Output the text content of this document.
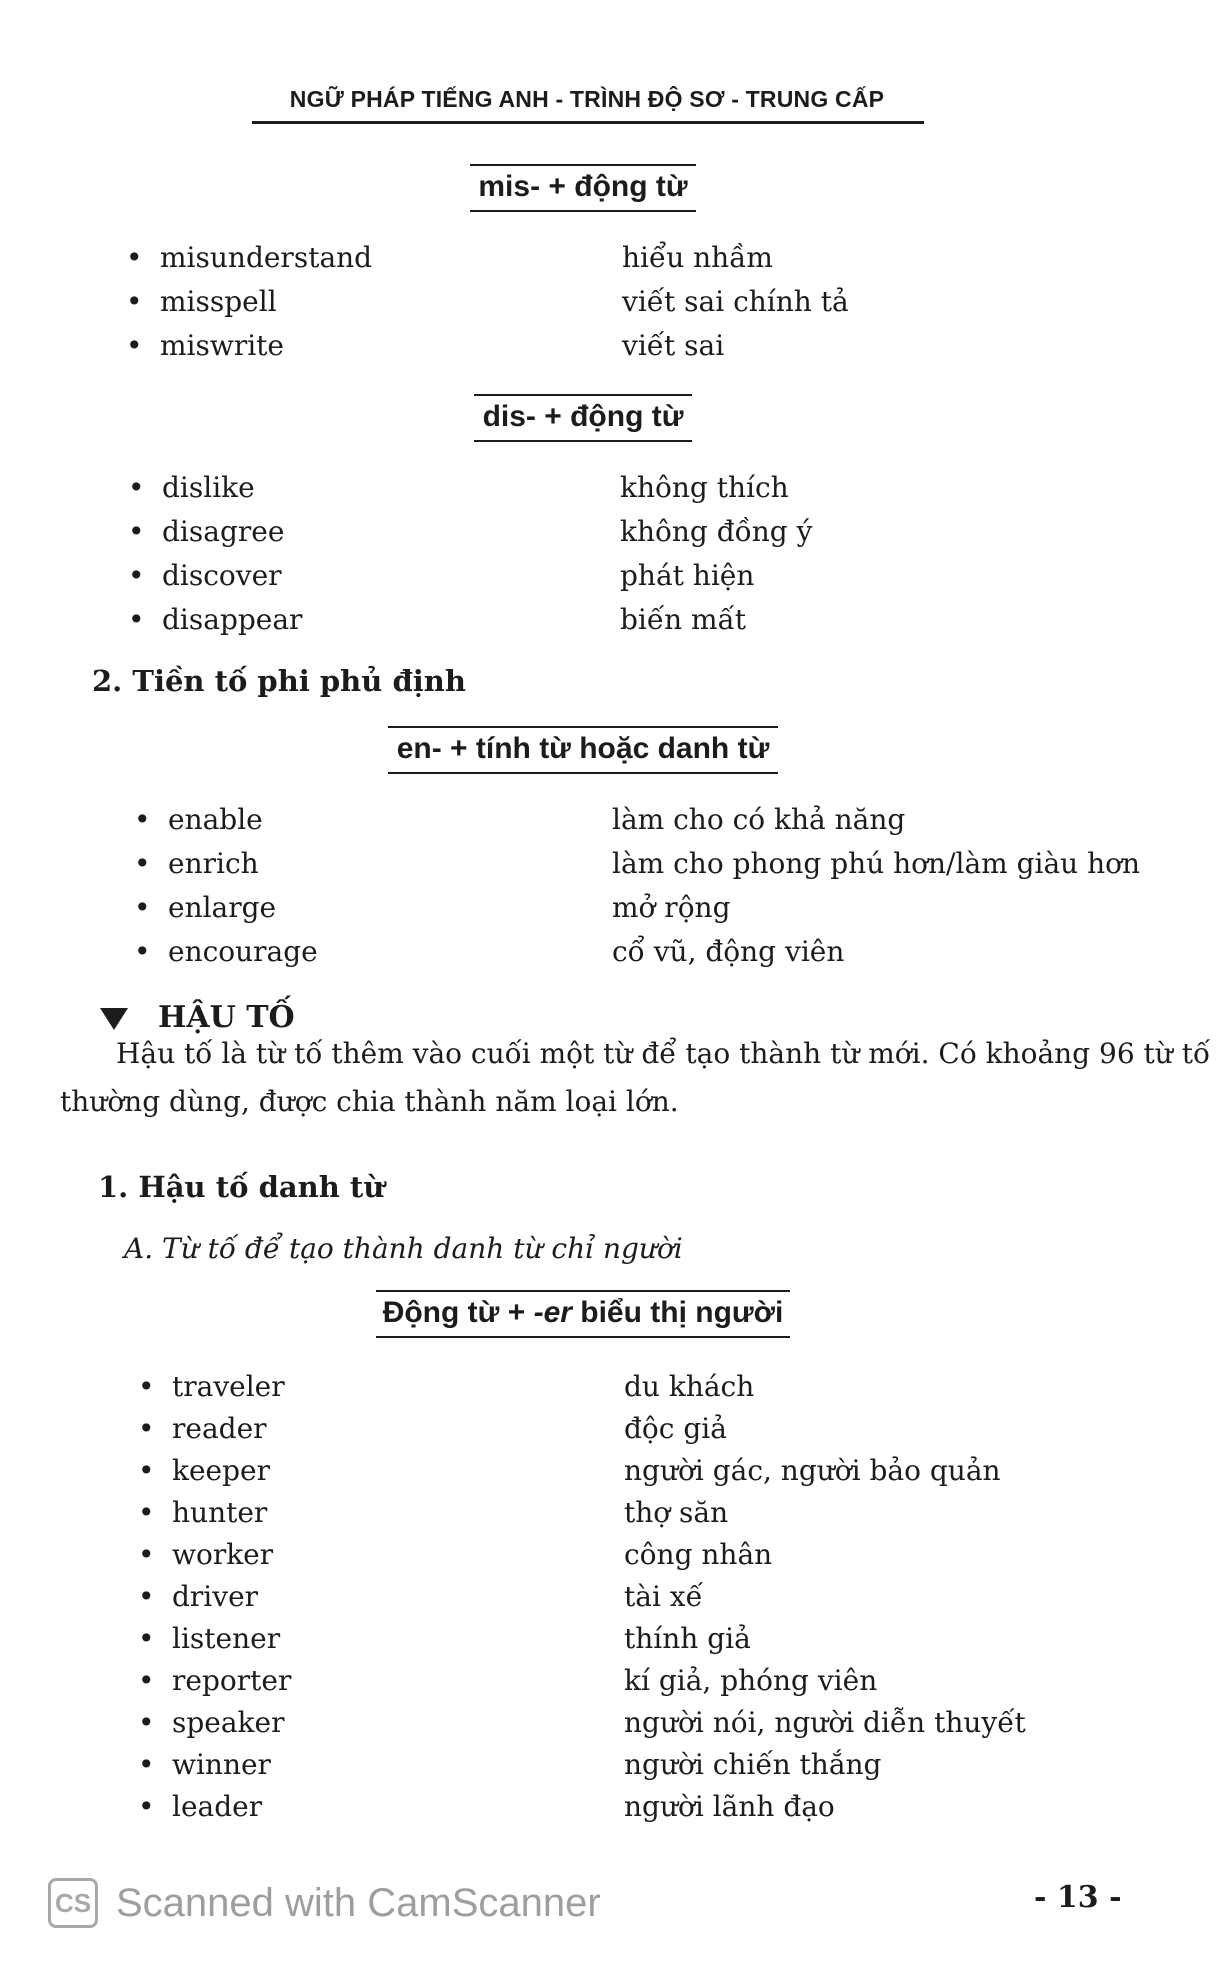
NGỮ PHÁP TIẾNG ANH - TRÌNH ĐỘ SƠ - TRUNG CẤP
mis- + động từ
• misunderstand	hiểu nhầm
• misspell	viết sai chính tả
• miswrite	viết sai
dis- + động từ
• dislike	không thích
• disagree	không đồng ý
• discover	phát hiện
• disappear	biến mất
2. Tiền tố phi phủ định
en- + tính từ hoặc danh từ
• enable	làm cho có khả năng
• enrich	làm cho phong phú hơn/làm giàu hơn
• enlarge	mở rộng
• encourage	cổ vũ, động viên
HẬU TỐ
Hậu tố là từ tố thêm vào cuối một từ để tạo thành từ mới. Có khoảng 96 từ tố
thường dùng, được chia thành năm loại lớn.
1. Hậu tố danh từ
A. Từ tố để tạo thành danh từ chỉ người
Động từ + -er biểu thị người
• traveler	du khách
• reader	độc giả
• keeper	người gác, người bảo quản
• hunter	thợ săn
• worker	công nhân
• driver	tài xế
• listener	thính giả
• reporter	kí giả, phóng viên
• speaker	người nói, người diễn thuyết
• winner	người chiến thắng
• leader	người lãnh đạo
- 13 -
CS Scanned with CamScanner
